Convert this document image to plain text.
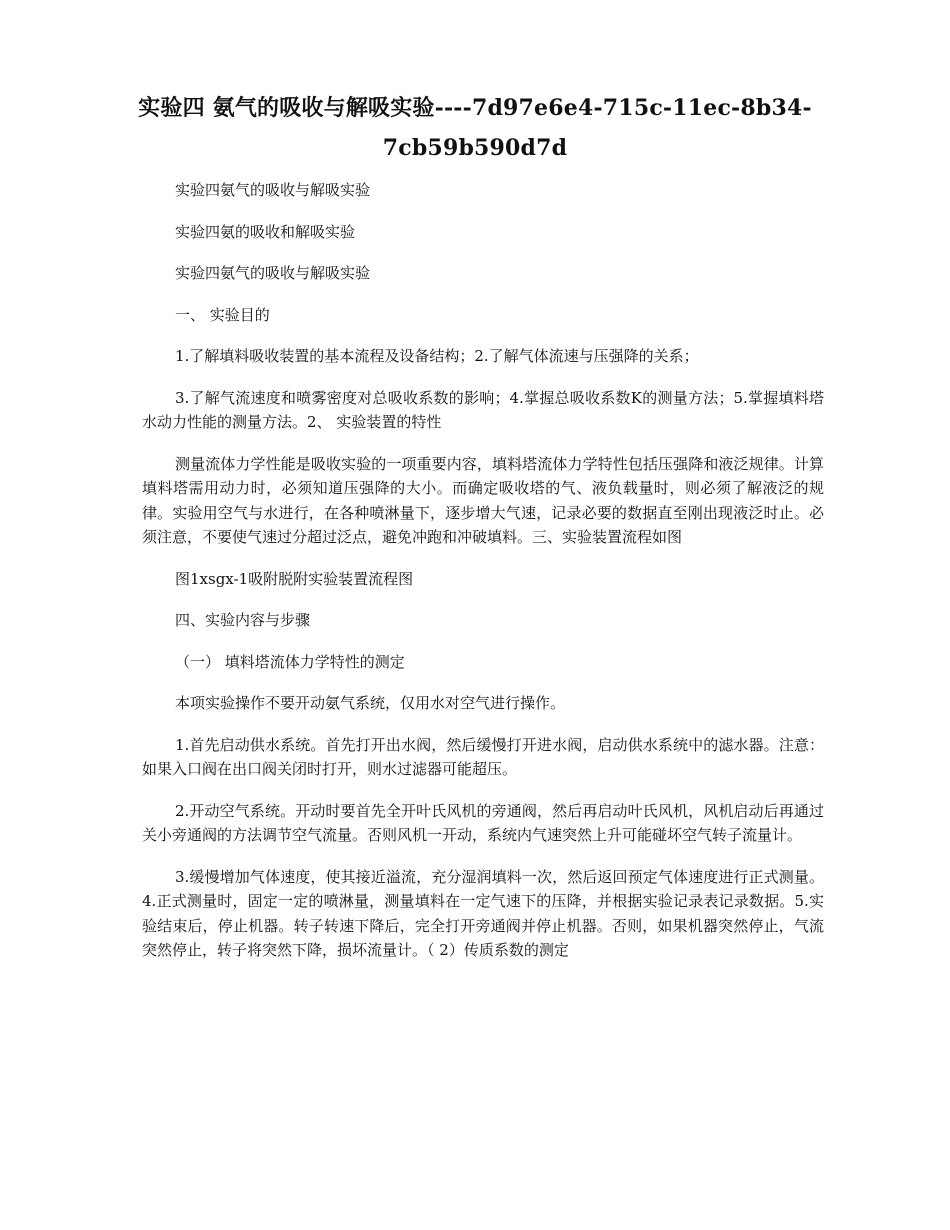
实验四 氨气的吸收与解吸实验----7d97e6e4-715c-11ec-8b34-7cb59b590d7d

实验四氨气的吸收与解吸实验

实验四氨的吸收和解吸实验

实验四氨气的吸收与解吸实验

一、 实验目的

1.了解填料吸收装置的基本流程及设备结构；2.了解气体流速与压强降的关系；

3.了解气流速度和喷雾密度对总吸收系数的影响；4.掌握总吸收系数K的测量方法；5.掌握填料塔水动力性能的测量方法。2、 实验装置的特性

测量流体力学性能是吸收实验的一项重要内容，填料塔流体力学特性包括压强降和液泛规律。计算填料塔需用动力时，必须知道压强降的大小。而确定吸收塔的气、液负载量时，则必须了解液泛的规律。实验用空气与水进行，在各种喷淋量下，逐步增大气速，记录必要的数据直至刚出现液泛时止。必须注意，不要使气速过分超过泛点，避免冲跑和冲破填料。三、实验装置流程如图

图1xsgx-1吸附脱附实验装置流程图

四、实验内容与步骤

（一） 填料塔流体力学特性的测定

本项实验操作不要开动氨气系统，仅用水对空气进行操作。

1.首先启动供水系统。首先打开出水阀，然后缓慢打开进水阀，启动供水系统中的滤水器。注意：如果入口阀在出口阀关闭时打开，则水过滤器可能超压。

2.开动空气系统。开动时要首先全开叶氏风机的旁通阀，然后再启动叶氏风机，风机启动后再通过关小旁通阀的方法调节空气流量。否则风机一开动，系统内气速突然上升可能碰坏空气转子流量计。

3.缓慢增加气体速度，使其接近溢流，充分湿润填料一次，然后返回预定气体速度进行正式测量。4.正式测量时，固定一定的喷淋量，测量填料在一定气速下的压降，并根据实验记录表记录数据。5.实验结束后，停止机器。转子转速下降后，完全打开旁通阀并停止机器。否则，如果机器突然停止，气流突然停止，转子将突然下降，损坏流量计。（ 2）传质系数的测定
